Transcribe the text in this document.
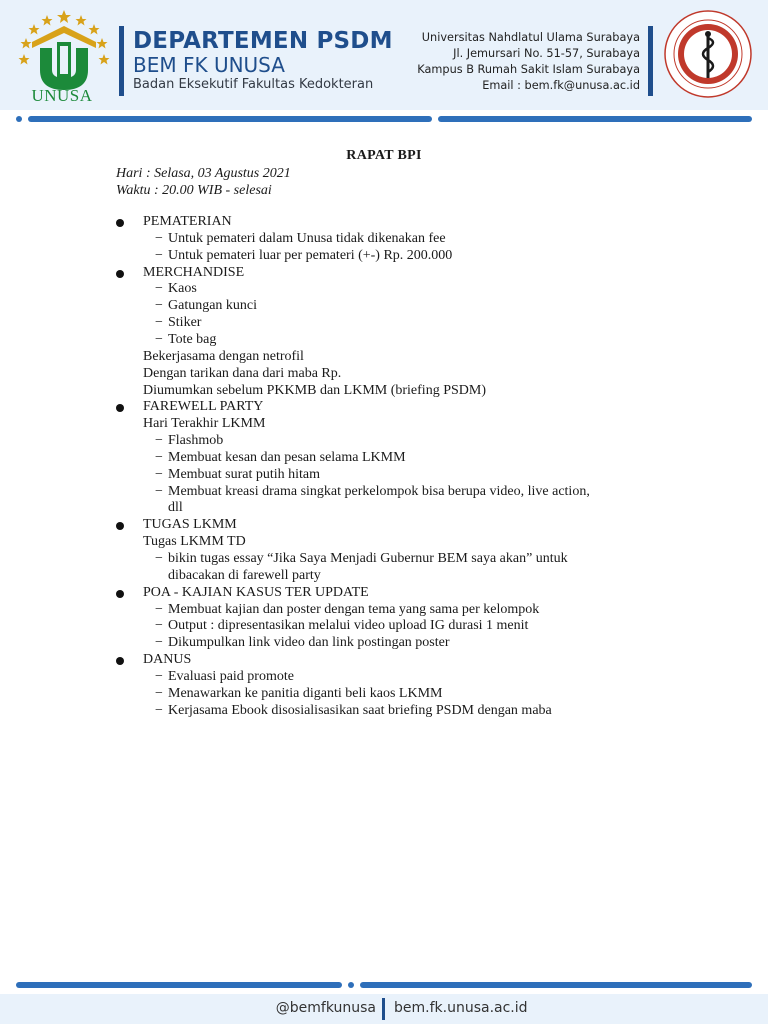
UNUSA
DEPARTEMEN PSDM
BEM FK UNUSA
Badan Eksekutif Fakultas Kedokteran
Universitas Nahdlatul Ulama Surabaya
Jl. Jemursari No. 51-57, Surabaya
Kampus B Rumah Sakit Islam Surabaya
Email : bem.fk@unusa.ac.id
RAPAT BPI
Hari : Selasa, 03 Agustus 2021
Waktu : 20.00 WIB - selesai
PEMATERIAN
− Untuk pemateri dalam Unusa tidak dikenakan fee
− Untuk pemateri luar per pemateri (+-) Rp. 200.000
MERCHANDISE
− Kaos
− Gatungan kunci
− Stiker
− Tote bag
Bekerjasama dengan netrofil
Dengan tarikan dana dari maba Rp.
Diumumkan sebelum PKKMB dan LKMM (briefing PSDM)
FAREWELL PARTY
Hari Terakhir LKMM
− Flashmob
− Membuat kesan dan pesan selama LKMM
− Membuat surat putih hitam
− Membuat kreasi drama singkat perkelompok bisa berupa video, live action,
dll
TUGAS LKMM
Tugas LKMM TD
− bikin tugas essay “Jika Saya Menjadi Gubernur BEM saya akan” untuk
dibacakan di farewell party
POA - KAJIAN KASUS TER UPDATE
− Membuat kajian dan poster dengan tema yang sama per kelompok
− Output : dipresentasikan melalui video upload IG durasi 1 menit
− Dikumpulkan link video dan link postingan poster
DANUS
− Evaluasi paid promote
− Menawarkan ke panitia diganti beli kaos LKMM
− Kerjasama Ebook disosialisasikan saat briefing PSDM dengan maba
@bemfkunusa bem.fk.unusa.ac.id
